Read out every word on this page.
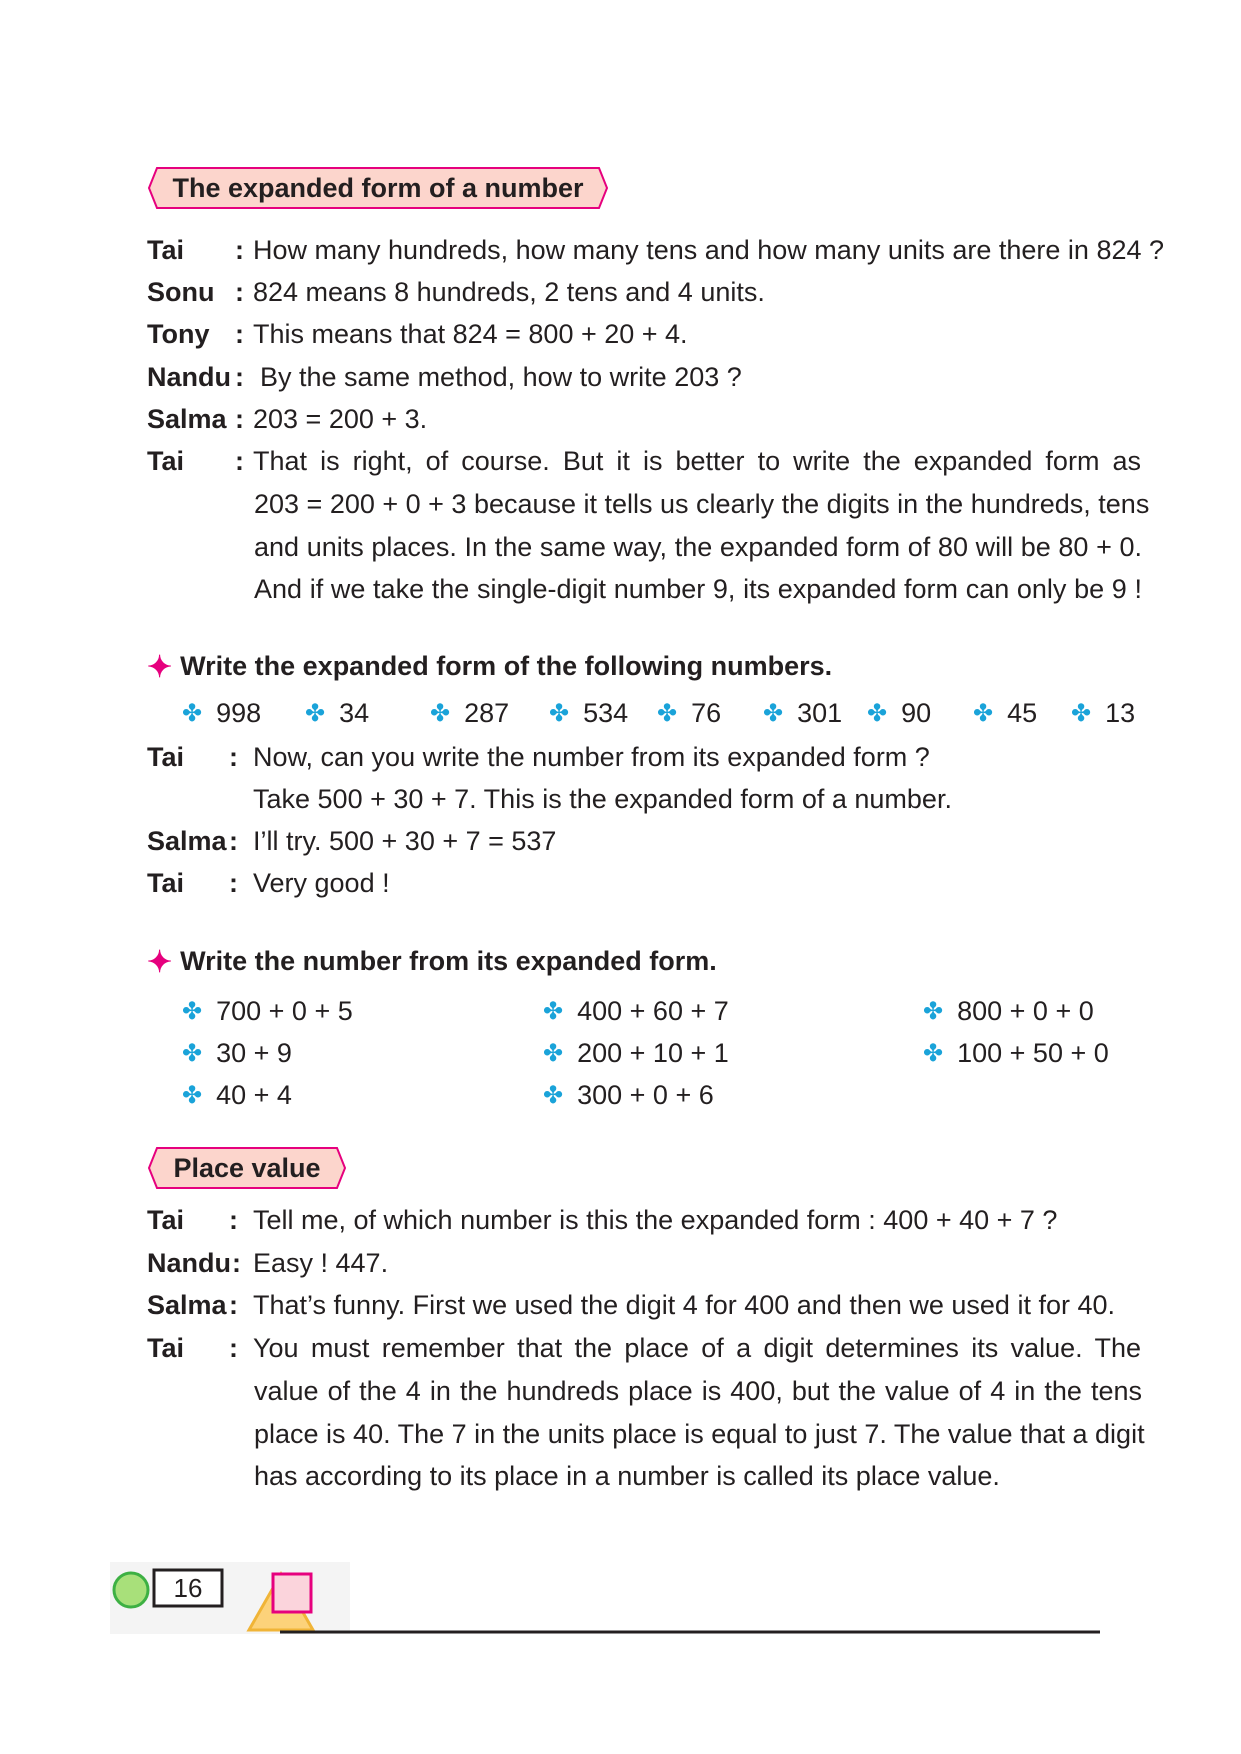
The expanded form of a number
Tai : How many hundreds, how many tens and how many units are there in 824 ?
Sonu : 824 means 8 hundreds, 2 tens and 4 units.
Tony : This means that 824 = 800 + 20 + 4.
Nandu : By the same method, how to write 203 ?
Salma : 203 = 200 + 3.
Tai : That is right, of course. But it is better to write the expanded form as
203 = 200 + 0 + 3 because it tells us clearly the digits in the hundreds, tens
and units places. In the same way, the expanded form of 80 will be 80 + 0.
And if we take the single-digit number 9, its expanded form can only be 9 !
✦ Write the expanded form of the following numbers.
✤ 998 ✤ 34	✤ 287 ✤ 534 ✤ 76 ✤ 301 ✤ 90 ✤ 45 ✤ 13
Tai : Now, can you write the number from its expanded form ?
Take 500 + 30 + 7. This is the expanded form of a number.
Salma : I’ll try. 500 + 30 + 7 = 537
Tai : Very good !
✦ Write the number from its expanded form.
✤ 700 + 0 + 5
✤ 30 + 9
✤ 40 + 4
✤ 400 + 60 + 7
✤ 200 + 10 + 1
✤ 300 + 0 + 6
✤ 800 + 0 + 0
✤ 100 + 50 + 0
Place value
Tai : Tell me, of which number is this the expanded form : 400 + 40 + 7 ?
Nandu : Easy ! 447.
Salma : That’s funny. First we used the digit 4 for 400 and then we used it for 40.
Tai : You must remember that the place of a digit determines its value. The
value of the 4 in the hundreds place is 400, but the value of 4 in the tens
place is 40. The 7 in the units place is equal to just 7. The value that a digit
has according to its place in a number is called its place value.
16
